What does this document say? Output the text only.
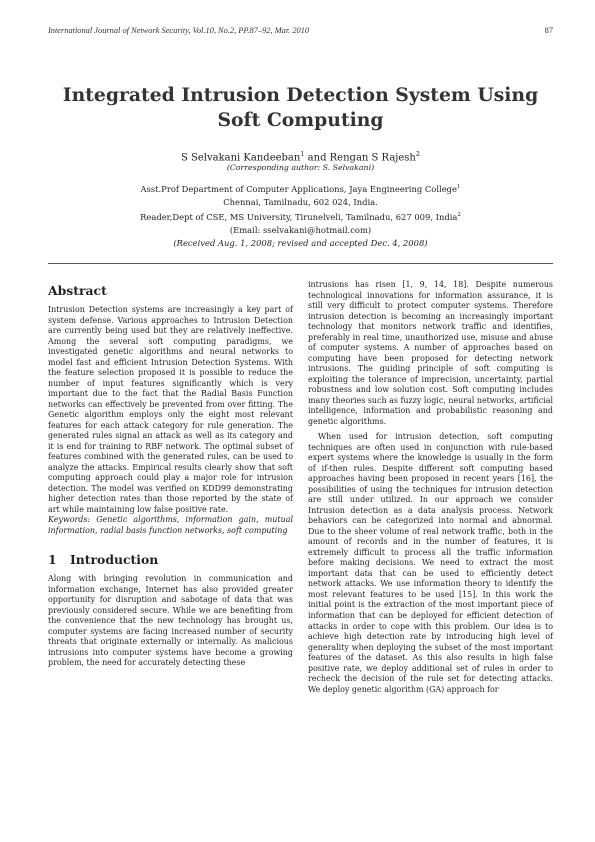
International Journal of Network Security, Vol.10, No.2, PP.87–92, Mar. 2010	87
Integrated Intrusion Detection System Using
Soft Computing
S Selvakani Kandeeban$^1$ and Rengan S Rajesh$^2$
(Corresponding author: S. Selvakani)
Asst.Prof Department of Computer Applications, Jaya Engineering College$^1$
Chennai, Tamilnadu, 602 024, India.
Reader,Dept of CSE, MS University, Tirunelveli, Tamilnadu, 627 009, India$^2$
(Email: sselvakani@hotmail.com)
(Received Aug. 1, 2008; revised and accepted Dec. 4, 2008)
Abstract

Intrusion Detection systems are increasingly a key part of system defense. Various approaches to Intrusion Detection are currently being used but they are relatively ineffective. Among the several soft computing paradigms, we investigated genetic algorithms and neural networks to model fast and efficient Intrusion Detection Systems. With the feature selection proposed it is possible to reduce the number of input features significantly which is very important due to the fact that the Radial Basis Function networks can effectively be prevented from over fitting. The Genetic algorithm employs only the eight most relevant features for each attack category for rule generation. The generated rules signal an attack as well as its category and it is end for training to RBF network. The optimal subset of features combined with the generated rules, can be used to analyze the attacks. Empirical results clearly show that soft computing approach could play a major role for intrusion detection. The model was verified on KDD99 demonstrating higher detection rates than those reported by the state of art while maintaining low false positive rate.

Keywords: Genetic algorithms, information gain, mutual information, radial basis function networks, soft computing

1 Introduction

Along with bringing revolution in communication and information exchange, Internet has also provided greater opportunity for disruption and sabotage of data that was previously considered secure. While we are benefiting from the convenience that the new technology has brought us, computer systems are facing increased number of security threats that originate externally or internally. As malicious intrusions into computer systems have become a growing problem, the need for accurately detecting these

intrusions has risen [1, 9, 14, 18]. Despite numerous technological innovations for information assurance, it is still very difficult to protect computer systems. Therefore intrusion detection is becoming an increasingly important technology that monitors network traffic and identifies, preferably in real time, unauthorized use, misuse and abuse of computer systems. A number of approaches based on computing have been proposed for detecting network intrusions. The guiding principle of soft computing is exploiting the tolerance of imprecision, uncertainty, partial robustness and low solution cost. Soft computing includes many theories such as fuzzy logic, neural networks, artificial intelligence, information and probabilistic reasoning and genetic algorithms.

When used for intrusion detection, soft computing techniques are often used in conjunction with rule-based expert systems where the knowledge is usually in the form of if-then rules. Despite different soft computing based approaches having been proposed in recent years [16], the possibilities of using the techniques for intrusion detection are still under utilized. In our approach we consider Intrusion detection as a data analysis process. Network behaviors can be categorized into normal and abnormal. Due to the sheer volume of real network traffic, both in the amount of records and in the number of features, it is extremely difficult to process all the traffic information before making decisions. We need to extract the most important data that can be used to efficiently detect network attacks. We use information theory to identify the most relevant features to be used [15]. In this work the initial point is the extraction of the most important piece of information that can be deployed for efficient detection of attacks in order to cope with this problem. Our idea is to achieve high detection rate by introducing high level of generality when deploying the subset of the most important features of the dataset. As this also results in high false positive rate, we deploy additional set of rules in order to recheck the decision of the rule set for detecting attacks. We deploy genetic algorithm (GA) approach for
